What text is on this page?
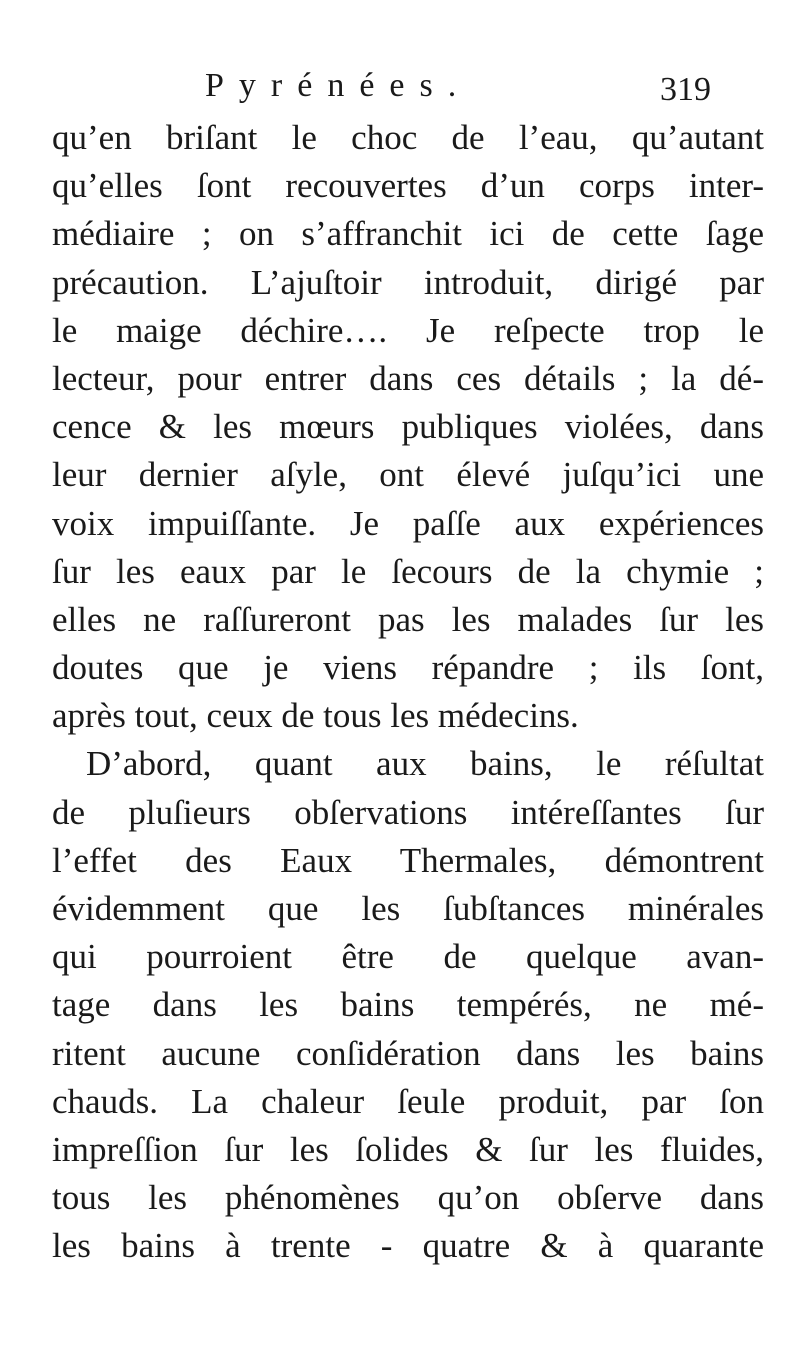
Pyrénées.	319
qu’en briſant le choc de l’eau, qu’autant
qu’elles ſont recouvertes d’un corps inter-
médiaire ; on s’affranchit ici de cette ſage
précaution. L’ajuſtoir introduit, dirigé par
le maige déchire…. Je reſpecte trop le
lecteur, pour entrer dans ces détails ; la dé-
cence & les mœurs publiques violées, dans
leur dernier aſyle, ont élevé juſqu’ici une
voix impuiſſante. Je paſſe aux expériences
ſur les eaux par le ſecours de la chymie ;
elles ne raſſureront pas les malades ſur les
doutes que je viens répandre ; ils ſont,
après tout, ceux de tous les médecins.
D’abord, quant aux bains, le réſultat
de pluſieurs obſervations intéreſſantes ſur
l’effet des Eaux Thermales, démontrent
évidemment que les ſubſtances minérales
qui pourroient être de quelque avan-
tage dans les bains tempérés, ne mé-
ritent aucune conſidération dans les bains
chauds. La chaleur ſeule produit, par ſon
impreſſion ſur les ſolides & ſur les fluides,
tous les phénomènes qu’on obſerve dans
les bains à trente - quatre & à quarante
